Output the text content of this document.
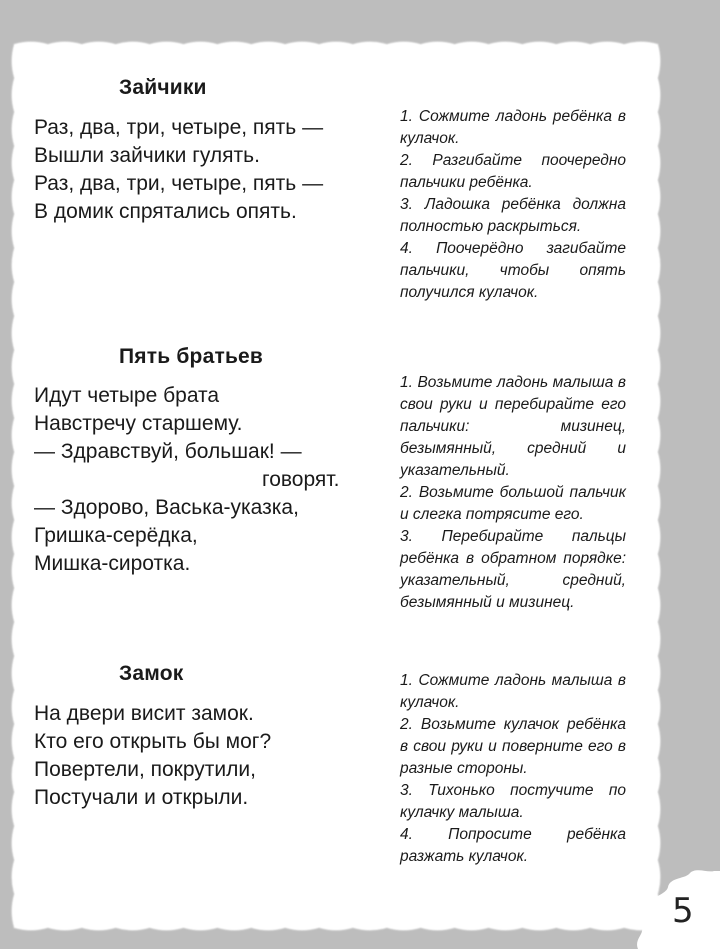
Зайчики
Раз, два, три, четыре, пять —
Вышли зайчики гулять.
Раз, два, три, четыре, пять —
В домик спрятались опять.

1. Сожмите ладонь ребёнка в кулачок.

2. Разгибайте поочередно пальчики ребёнка.

3. Ладошка ребёнка должна полностью раскрыться.

4. Поочерёдно загибайте пальчики, чтобы опять получился кулачок.

Пять братьев
Идут четыре брата
Навстречу старшему.
— Здравствуй, большак! —
говорят.
— Здорово, Васька-указка,
Гришка-серёдка,
Мишка-сиротка.

1. Возьмите ладонь малыша в свои руки и перебирайте его пальчики: мизинец, безымянный, средний и указательный.

2. Возьмите большой пальчик и слегка потрясите его.

3. Перебирайте пальцы ребёнка в обратном порядке: указательный, средний, безымянный и мизинец.

Замок
На двери висит замок.
Кто его открыть бы мог?
Повертели, покрутили,
Постучали и открыли.

1. Сожмите ладонь малыша в кулачок.

2. Возьмите кулачок ребёнка в свои руки и поверните его в разные стороны.

3. Тихонько постучите по кулачку малыша.

4. Попросите ребёнка разжать кулачок.

5
